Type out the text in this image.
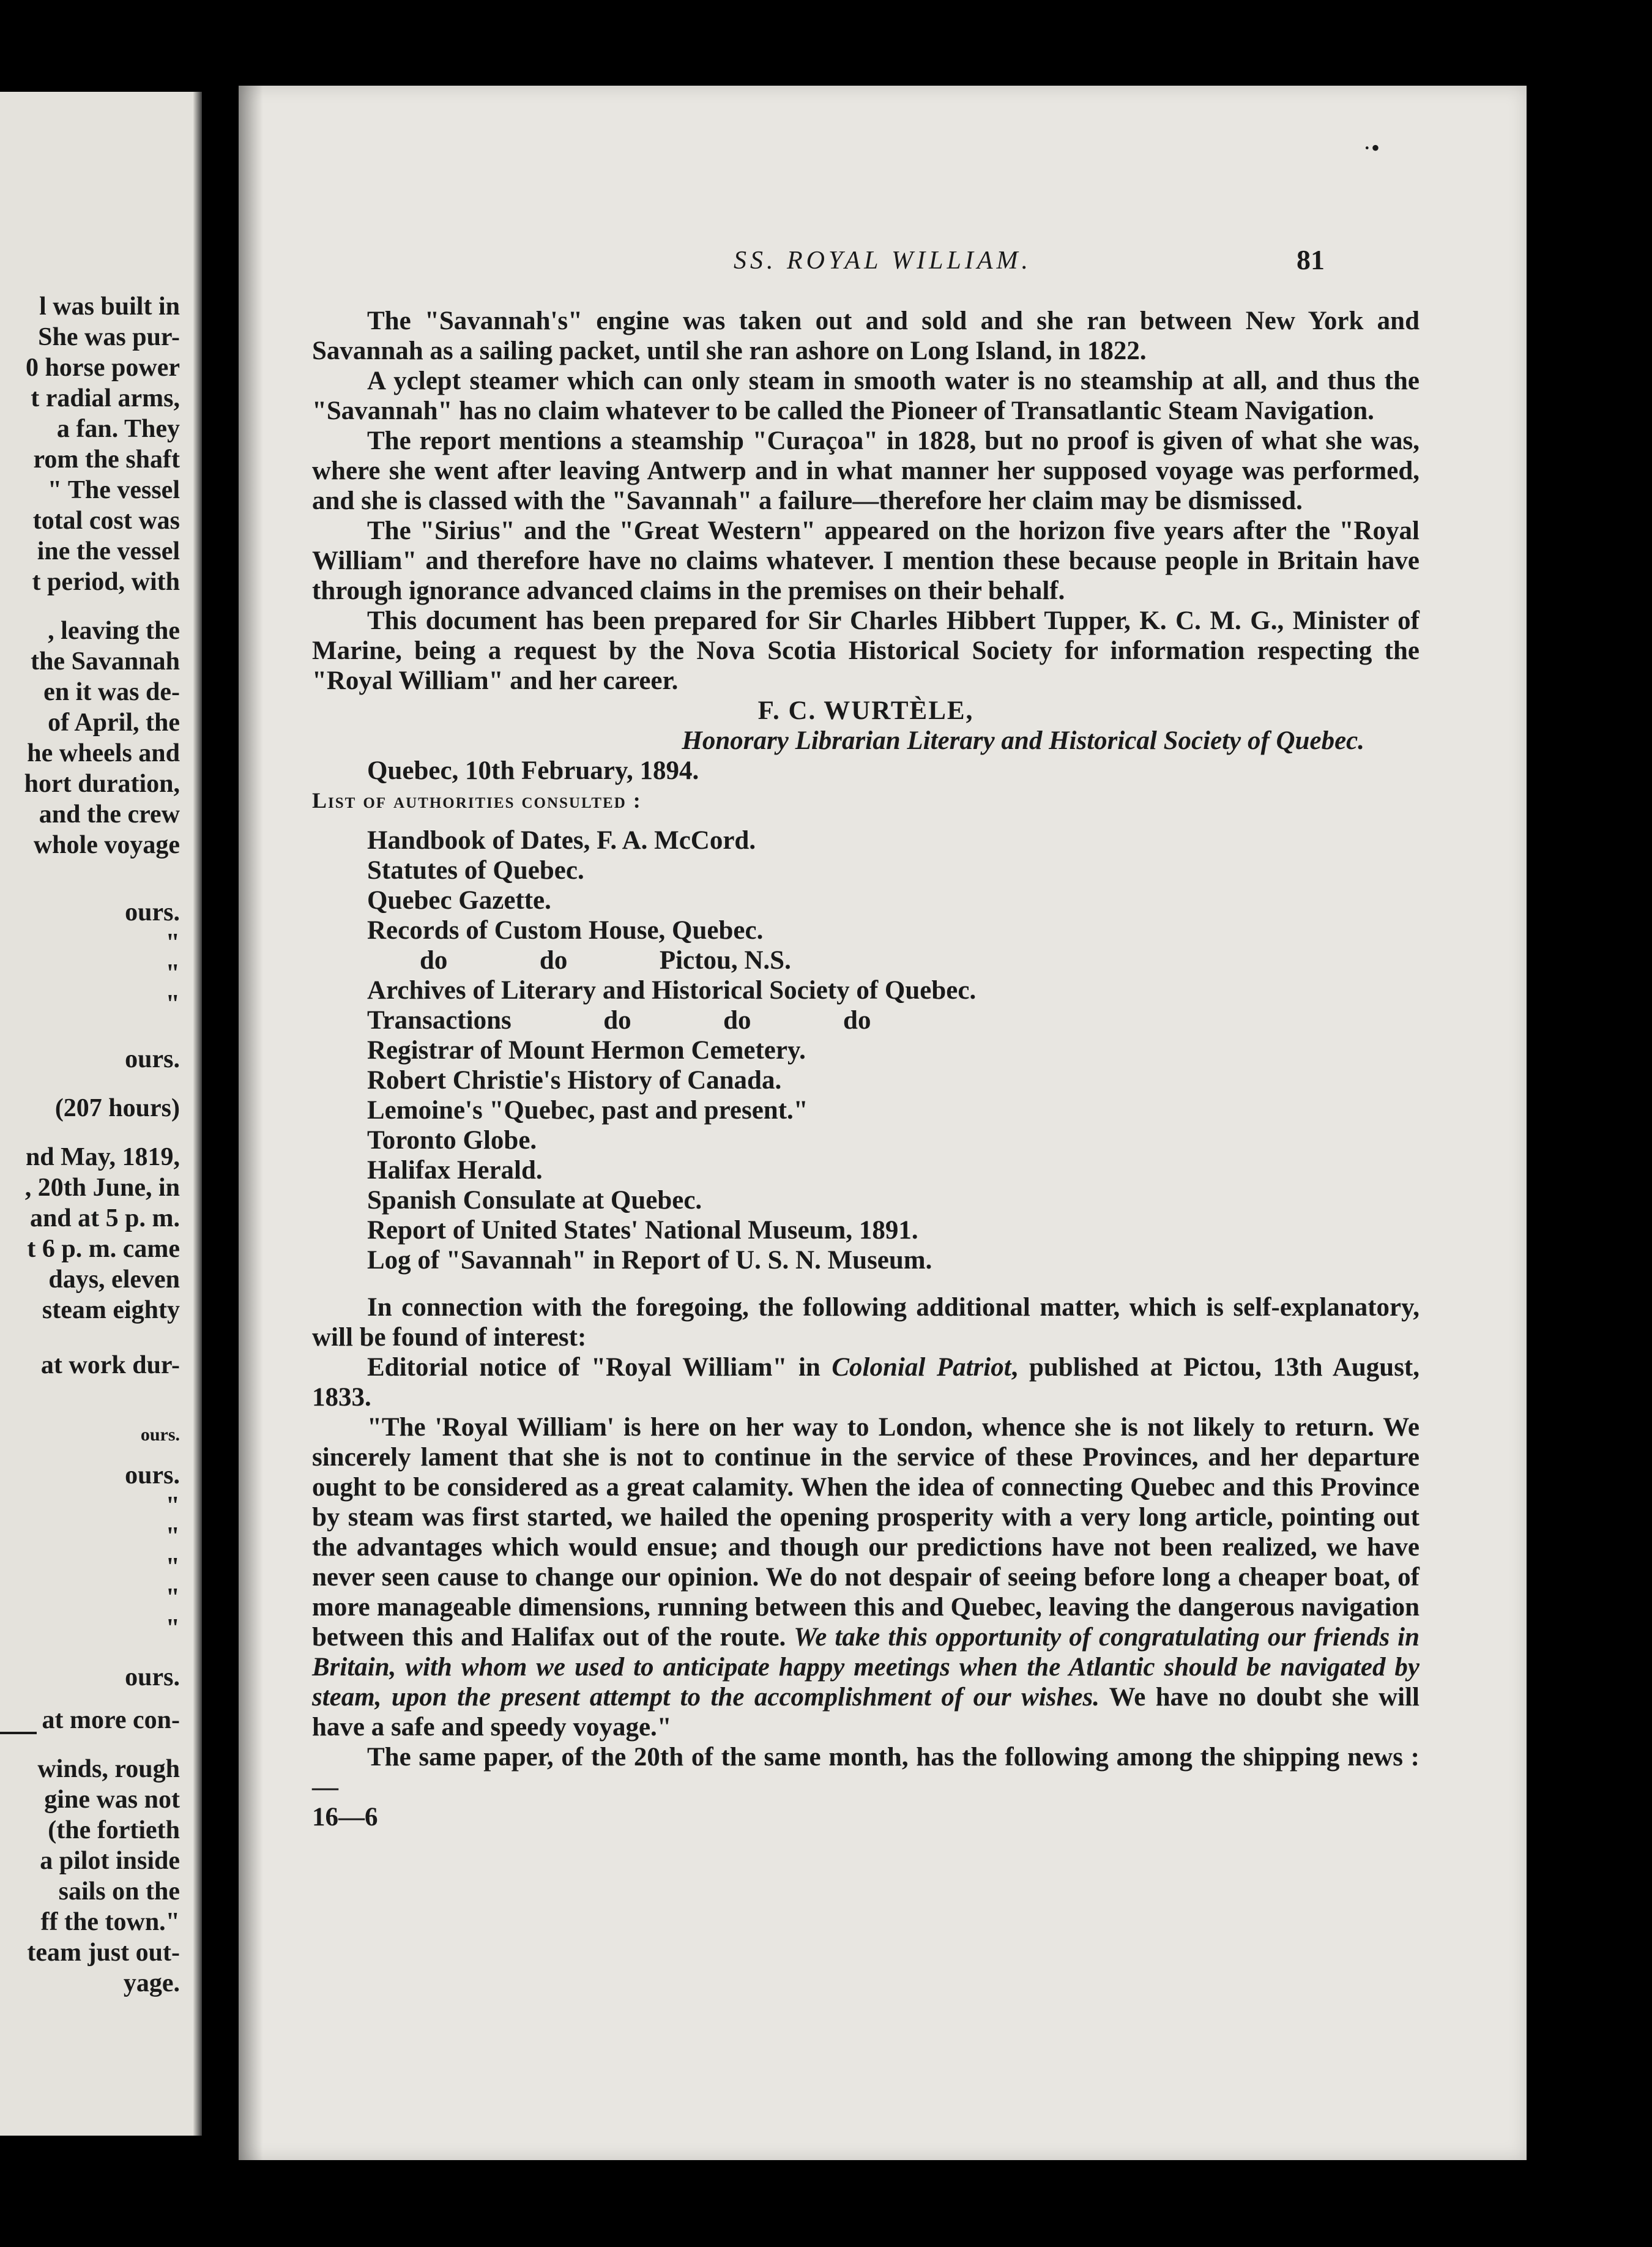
l was built in
She was pur-
0 horse power
t radial arms,
a fan. They
rom the shaft
" The vessel
total cost was
ine the vessel
t period, with
, leaving the
the Savannah
en it was de-
of April, the
he wheels and
hort duration,
and the crew
whole voyage
ours.
"
"
"
ours.
(207 hours)
nd May, 1819,
, 20th June, in
and at 5 p. m.
t 6 p. m. came
days, eleven
steam eighty
at work dur-
ours.
ours.
"
"
"
"
"
ours.
at more con-
winds, rough
gine was not
(the fortieth
a pilot inside
sails on the
ff the town."
team just out-
yage.
·•
SS. ROYAL WILLIAM.	81

The "Savannah's" engine was taken out and sold and she ran between New York and Savannah as a sailing packet, until she ran ashore on Long Island, in 1822.

A yclept steamer which can only steam in smooth water is no steamship at all, and thus the "Savannah" has no claim whatever to be called the Pioneer of Transatlantic Steam Navigation.

The report mentions a steamship "Curaçoa" in 1828, but no proof is given of what she was, where she went after leaving Antwerp and in what manner her supposed voyage was performed, and she is classed with the "Savannah" a failure—therefore her claim may be dismissed.

The "Sirius" and the "Great Western" appeared on the horizon five years after the "Royal William" and therefore have no claims whatever. I mention these because people in Britain have through ignorance advanced claims in the premises on their behalf.

This document has been prepared for Sir Charles Hibbert Tupper, K. C. M. G., Minister of Marine, being a request by the Nova Scotia Historical Society for information respecting the "Royal William" and her career.

F. C. WURTÈLE,

Honorary Librarian Literary and Historical Society of Quebec.

Quebec, 10th February, 1894.

List of authorities consulted :

Handbook of Dates, F. A. McCord.
Statutes of Quebec.
Quebec Gazette.
Records of Custom House, Quebec.
do              do              Pictou, N.S.
Archives of Literary and Historical Society of Quebec.
Transactions              do              do              do
Registrar of Mount Hermon Cemetery.
Robert Christie's History of Canada.
Lemoine's "Quebec, past and present."
Toronto Globe.
Halifax Herald.
Spanish Consulate at Quebec.
Report of United States' National Museum, 1891.
Log of "Savannah" in Report of U. S. N. Museum.

In connection with the foregoing, the following additional matter, which is self-explanatory, will be found of interest:

Editorial notice of "Royal William" in Colonial Patriot, published at Pictou, 13th August, 1833.

"The 'Royal William' is here on her way to London, whence she is not likely to return. We sincerely lament that she is not to continue in the service of these Provinces, and her departure ought to be considered as a great calamity. When the idea of connecting Quebec and this Province by steam was first started, we hailed the opening prosperity with a very long article, pointing out the advantages which would ensue; and though our predictions have not been realized, we have never seen cause to change our opinion. We do not despair of seeing before long a cheaper boat, of more manageable dimensions, running between this and Quebec, leaving the dangerous navigation between this and Halifax out of the route. We take this opportunity of congratulating our friends in Britain, with whom we used to anticipate happy meetings when the Atlantic should be navigated by steam, upon the present attempt to the accomplishment of our wishes. We have no doubt she will have a safe and speedy voyage."

The same paper, of the 20th of the same month, has the following among the shipping news :—

16—6
